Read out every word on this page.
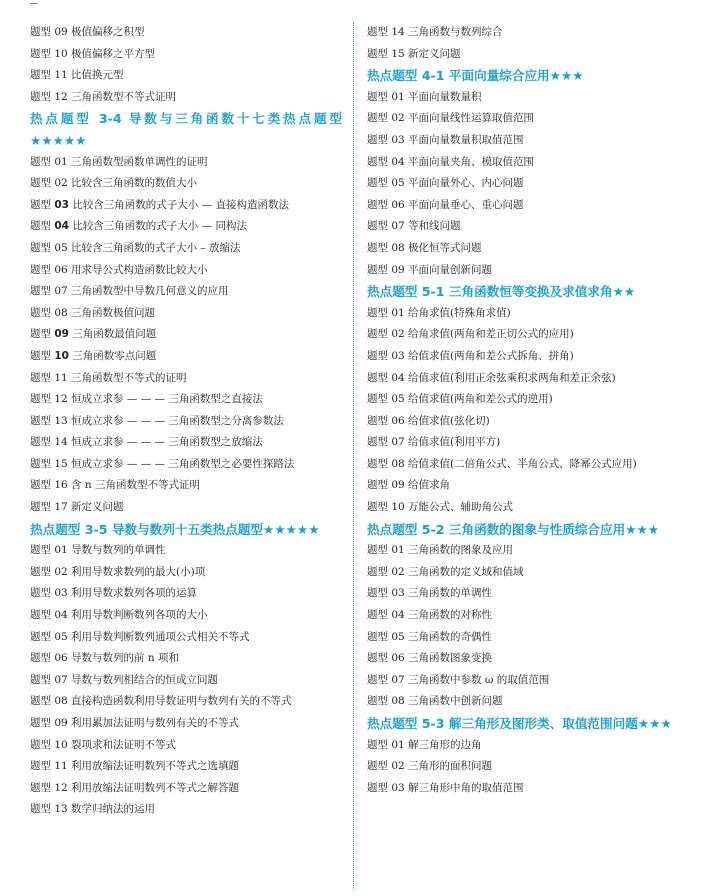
题型 09 极值偏移之积型
题型 10 极值偏移之平方型
题型 11 比值换元型
题型 12 三角函数型不等式证明
热点题型 3-4 导数与三角函数十七类热点题型★★★★★
题型 01 三角函数型函数单调性的证明
题型 02 比较含三角函数的数值大小
题型 03 比较含三角函数的式子大小 — 直接构造函数法
题型 04 比较含三角函数的式子大小 — 同构法
题型 05 比较含三角函数的式子大小 – 放缩法
题型 06 用求导公式构造函数比较大小
题型 07 三角函数型中导数几何意义的应用
题型 08 三角函数极值问题
题型 09 三角函数最值问题
题型 10 三角函数零点问题
题型 11 三角函数型不等式的证明
题型 12 恒成立求参 — — — 三角函数型之直接法
题型 13 恒成立求参 — — — 三角函数型之分离参数法
题型 14 恒成立求参 — — — 三角函数型之放缩法
题型 15 恒成立求参 — — — 三角函数型之必要性探路法
题型 16 含 n 三角函数型不等式证明
题型 17 新定义问题
热点题型 3-5 导数与数列十五类热点题型★★★★★
题型 01 导数与数列的单调性
题型 02 利用导数求数列的最大(小)项
题型 03 利用导数求数列各项的运算
题型 04 利用导数判断数列各项的大小
题型 05 利用导数判断数列通项公式相关不等式
题型 06 导数与数列的前 n 项和
题型 07 导数与数列相结合的恒成立问题
题型 08 直接构造函数利用导数证明与数列有关的不等式
题型 09 利用累加法证明与数列有关的不等式
题型 10 裂项求和法证明不等式
题型 11 利用放缩法证明数列不等式之选填题
题型 12 利用放缩法证明数列不等式之解答题
题型 13 数学归纳法的运用
题型 14 三角函数与数列综合
题型 15 新定义问题
热点题型 4-1 平面向量综合应用★★★
题型 01 平面向量数量积
题型 02 平面向量线性运算取值范围
题型 03 平面向量数量积取值范围
题型 04 平面向量夹角、模取值范围
题型 05 平面向量外心、内心问题
题型 06 平面向量垂心、重心问题
题型 07 等和线问题
题型 08 极化恒等式问题
题型 09 平面向量创新问题
热点题型 5-1 三角函数恒等变换及求值求角★★
题型 01 给角求值(特殊角求值)
题型 02 给角求值(两角和差正切公式的应用)
题型 03 给值求值(两角和差公式拆角、拼角)
题型 04 给值求值(利用正余弦乘积求两角和差正余弦)
题型 05 给值求值(两角和差公式的逆用)
题型 06 给值求值(弦化切)
题型 07 给值求值(利用平方)
题型 08 给值求值(二倍角公式、半角公式、降幂公式应用)
题型 09 给值求角
题型 10 万能公式、辅助角公式
热点题型 5-2 三角函数的图象与性质综合应用★★★
题型 01 三角函数的图象及应用
题型 02 三角函数的定义域和值域
题型 03 三角函数的单调性
题型 04 三角函数的对称性
题型 05 三角函数的奇偶性
题型 06 三角函数图象变换
题型 07 三角函数中参数 ω 的取值范围
题型 08 三角函数中创新问题
热点题型 5-3 解三角形及图形类、取值范围问题★★★
题型 01 解三角形的边角
题型 02 三角形的面积问题
题型 03 解三角形中角的取值范围
